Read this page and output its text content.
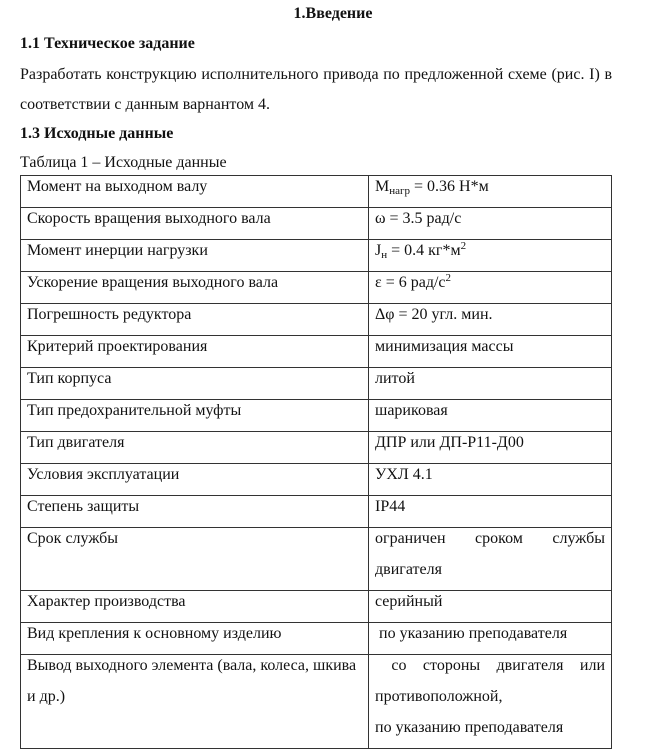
1.Введение
1.1 Техническое задание
Разработать конструкцию исполнительного привода по предложенной схеме (рис. I) в соответствии с данным варнантом 4.
1.3 Исходные данные
Таблица 1 – Исходные данные
Момент на выходном валу	$M_{нагр} = 0.36$ Н*м

Скорость вращения выходного вала	ω = 3.5 рад/с

Момент инерции нагрузки	$J_н = 0.4$ $кг*м^2$

Ускорение вращения выходного вала	ε = 6 рад/$с^2$

Погрешность редуктора	Δφ = 20 угл. мин.

Критерий проектирования	минимизация массы

Тип корпуса	литой

Тип предохранительной муфты	шариковая

Тип двигателя	ДПР или ДП-Р11-Д00

Условия эксплуатации	УХЛ 4.1

Степень защиты	IP44

Срок службы	ограничен сроком службы двигателя

Характер производства	серийный

Вид крепления к основному изделию	по указанию преподавателя

Вывод выходного элемента (вала, колеса, шкива и др.)	со стороны двигателя или противоположной,
по указанию преподавателя
